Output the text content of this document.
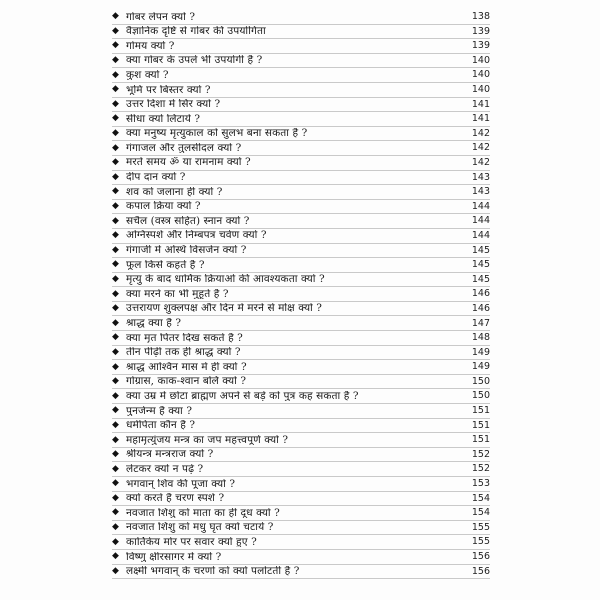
◆ गोबर लेपन क्यों ?	138
◆ वैज्ञानिक दृष्टि से गोबर की उपयोगिता	139
◆ गोमय क्यों ?	139
◆ क्या गोबर के उपले भी उपयोगी हैं ?	140
◆ कुश क्यों ?	140
◆ भूमि पर बिस्तर क्यों ?	140
◆ उत्तर दिशा में सिर क्यों ?	141
◆ सीधा क्यों लिटायें ?	141
◆ क्या मनुष्य मृत्युकाल को सुलभ बना सकता है ?	142
◆ गंगाजल और तुलसीदल क्यों ?	142
◆ मरते समय ॐ या रामनाम क्यों ?	142
◆ दीप दान क्यों ?	143
◆ शव को जलाना ही क्यों ?	143
◆ कपाल क्रिया क्यों ?	144
◆ सचैल (वस्त्र सहित) स्नान क्यों ?	144
◆ अग्निस्पर्श और निम्बपत्र चर्वण क्यों ?	144
◆ गंगाजी में अस्थि विसर्जन क्यों ?	145
◆ फूल किसे कहते हैं ?	145
◆ मृत्यु के बाद धार्मिक क्रियाओं की आवश्यकता क्यों ?	145
◆ क्या मरने का भी मुहूर्त है ?	146
◆ उत्तरायण शुक्लपक्ष और दिन में मरने से मोक्ष क्यों ?	146
◆ श्राद्ध क्या है ?	147
◆ क्या मृत पितर दिख सकते हैं ?	148
◆ तीन पीढ़ी तक ही श्राद्ध क्यों ?	149
◆ श्राद्ध आश्विन मास में ही क्यों ?	149
◆ गोग्रास, काक-श्वान बलि क्यों ?	150
◆ क्या उम्र में छोटा ब्राह्मण अपने से बड़े को पुत्र कह सकता है ?	150
◆ पुनर्जन्म है क्या ?	151
◆ धर्मपिता कौन है ?	151
◆ महामृत्युंजय मन्त्र का जप महत्त्वपूर्ण क्यों ?	151
◆ श्रीयन्त्र मन्त्रराज क्यों ?	152
◆ लेटकर क्यों न पढ़ें ?	152
◆ भगवान् शिव की पूजा क्यों ?	153
◆ क्यों करते हैं चरण स्पर्श ?	154
◆ नवजात शिशु को माता का ही दूध क्यों ?	154
◆ नवजात शिशु को मधु घृत क्यों चटायें ?	155
◆ कार्तिकेय मोर पर सवार क्यों हुए ?	155
◆ विष्णु क्षीरसागर में क्यों ?	156
◆ लक्ष्मी भगवान् के चरणों को क्यों पलोटती है ?	156
